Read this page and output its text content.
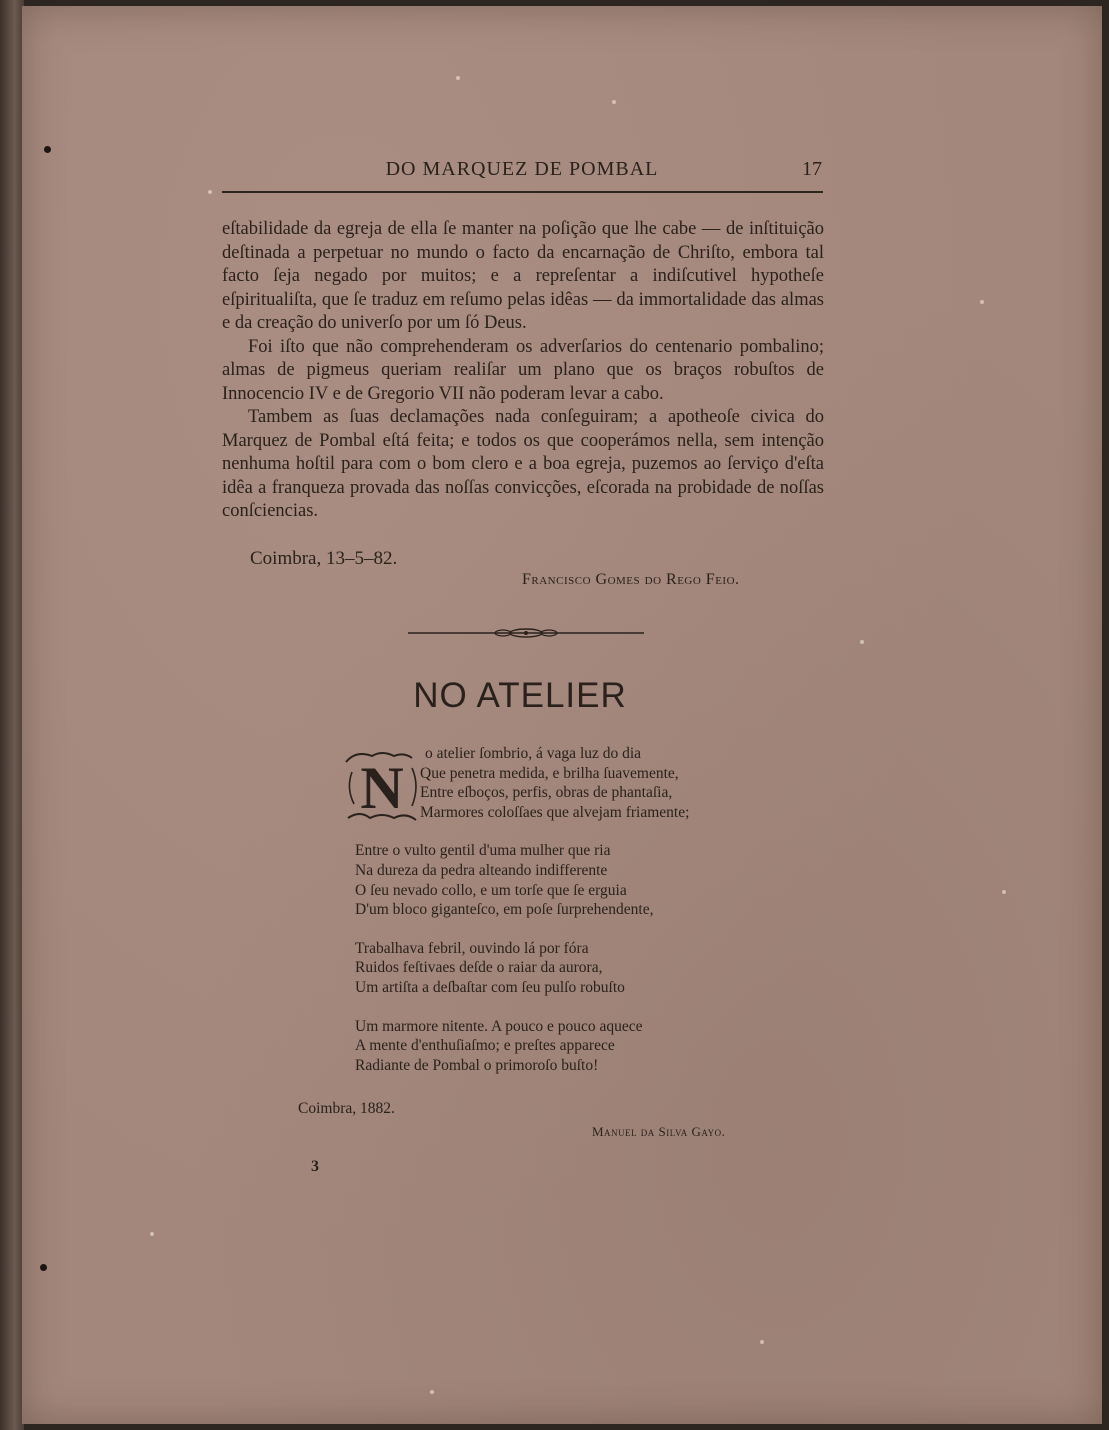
DO MARQUEZ DE POMBAL	17

eſtabilidade da egreja de ella ſe manter na poſição que lhe cabe — de inſtituição deſtinada a perpetuar no mundo o facto da encarnação de Chriſto, embora tal facto ſeja negado por muitos; e a repreſentar a indiſcutivel hypotheſe eſpiritualiſta, que ſe traduz em reſumo pelas idêas — da immortalidade das almas e da creação do univerſo por um ſó Deus.

Foi iſto que não comprehenderam os adverſarios do centenario pombalino; almas de pigmeus queriam realiſar um plano que os braços robuſtos de Innocencio IV e de Gregorio VII não poderam levar a cabo.

Tambem as ſuas declamações nada conſeguiram; a apotheoſe civica do Marquez de Pombal eſtá feita; e todos os que cooperámos nella, sem intenção nenhuma hoſtil para com o bom clero e a boa egreja, puzemos ao ſerviço d'eſta idêa a franqueza provada das noſſas convicções, eſcorada na probidade de noſſas conſciencias.

Coimbra, 13–5–82.
Francisco Gomes do Rego Feio.
NO ATELIER
N
o atelier ſombrio, á vaga luz do dia
Que penetra medida, e brilha ſuavemente,
Entre eſboços, perfis, obras de phantaſia,
Marmores coloſſaes que alvejam friamente;
Entre o vulto gentil d'uma mulher que ria
Na dureza da pedra alteando indifferente
O ſeu nevado collo, e um torſe que ſe erguia
D'um bloco giganteſco, em poſe ſurprehendente,
Trabalhava febril, ouvindo lá por fóra
Ruidos feſtivaes deſde o raiar da aurora,
Um artiſta a deſbaſtar com ſeu pulſo robuſto
Um marmore nitente. A pouco e pouco aquece
A mente d'enthuſiaſmo; e preſtes apparece
Radiante de Pombal o primoroſo buſto!
Coimbra, 1882.
Manuel da Silva Gayo.
3
